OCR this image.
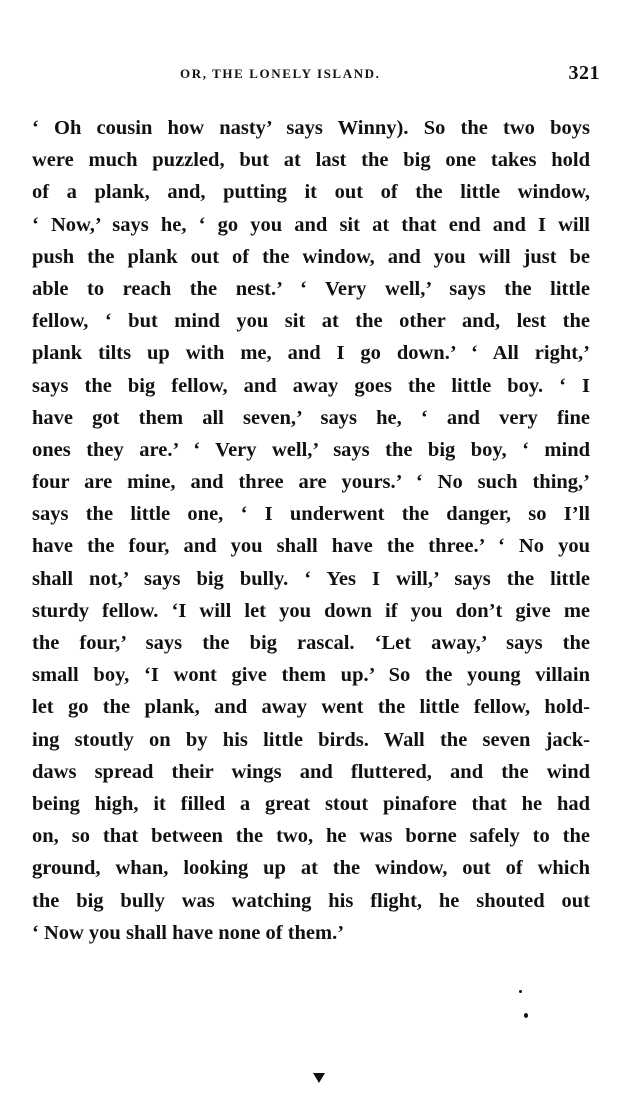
OR, THE LONELY ISLAND.	321
‘ Oh cousin how nasty’ says Winny). So the two boys
were much puzzled, but at last the big one takes hold
of a plank, and, putting it out of the little window,
‘ Now,’ says he, ‘ go you and sit at that end and I will
push the plank out of the window, and you will just be
able to reach the nest.’ ‘ Very well,’ says the little
fellow, ‘ but mind you sit at the other and, lest the
plank tilts up with me, and I go down.’ ‘ All right,’
says the big fellow, and away goes the little boy. ‘ I
have got them all seven,’ says he, ‘ and very fine
ones they are.’ ‘ Very well,’ says the big boy, ‘ mind
four are mine, and three are yours.’ ‘ No such thing,’
says the little one, ‘ I underwent the danger, so I’ll
have the four, and you shall have the three.’ ‘ No you
shall not,’ says big bully. ‘ Yes I will,’ says the little
sturdy fellow. ‘I will let you down if you don’t give me
the four,’ says the big rascal. ‘Let away,’ says the
small boy, ‘I wont give them up.’ So the young villain
let go the plank, and away went the little fellow, hold-
ing stoutly on by his little birds. Wall the seven jack-
daws spread their wings and fluttered, and the wind
being high, it filled a great stout pinafore that he had
on, so that between the two, he was borne safely to the
ground, whan, looking up at the window, out of which
the big bully was watching his flight, he shouted out
‘ Now you shall have none of them.’
